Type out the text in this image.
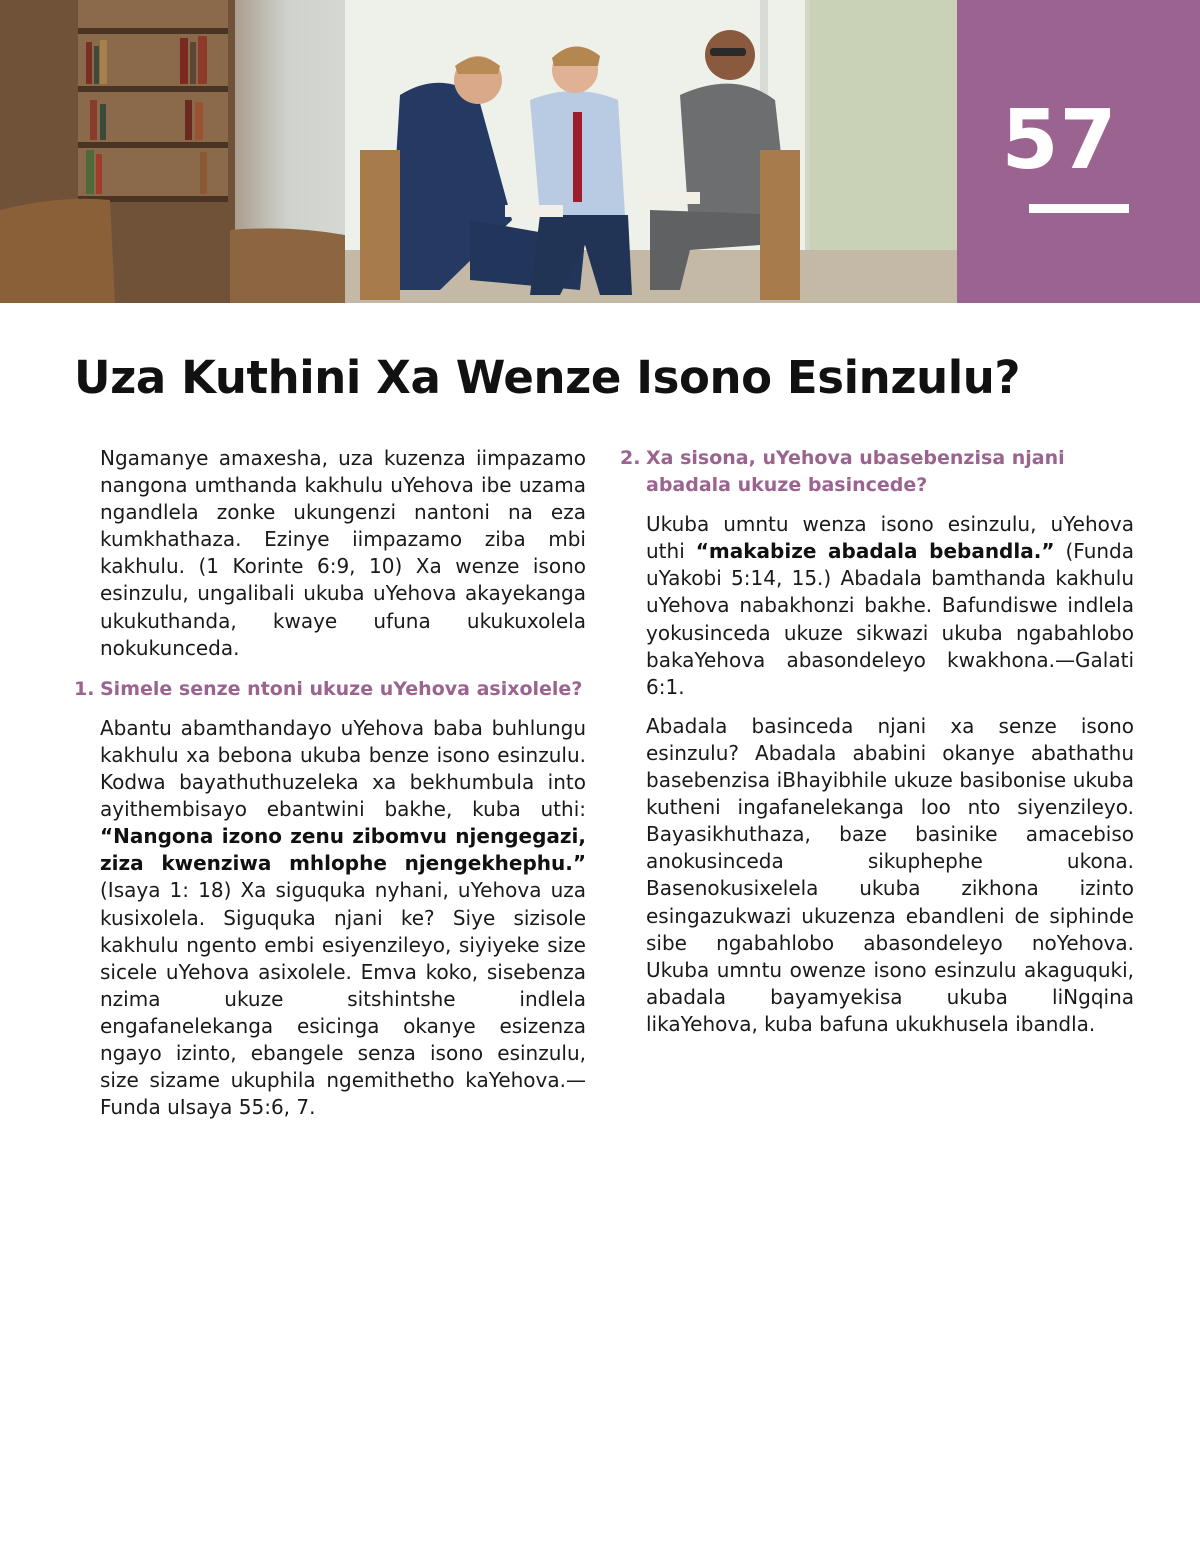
57
Uza Kuthini Xa Wenze Isono Esinzulu?

Ngamanye amaxesha, uza kuzenza iimpazamo nangona umthanda kakhulu uYehova ibe uzama ngandlela zonke ukungenzi nantoni na eza kumkhathaza. Ezinye iimpazamo ziba mbi kakhulu. (1 Korinte 6:9, 10) Xa wenze isono esinzulu, ungalibali ukuba uYehova akayekanga ukukuthanda, kwaye ufuna ukukuxolela nokukunceda.

1. Simele senze ntoni ukuze uYehova asixolele?

Abantu abamthandayo uYehova baba buhlungu kakhulu xa bebona ukuba benze isono esinzulu. Kodwa bayathuthuzeleka xa bekhumbula into ayithembisayo ebantwini bakhe, kuba uthi: “Nangona izono zenu zibomvu njengegazi, ziza kwenziwa mhlophe njengekhephu.” (Isaya 1: 18) Xa siguquka nyhani, uYehova uza kusixolela. Siguquka njani ke? Siye sizisole kakhulu ngento embi esiyenzileyo, siyiyeke size sicele uYehova asixolele. Emva koko, sisebenza nzima ukuze sitshintshe indlela engafanelekanga esicinga okanye esizenza ngayo izinto, ebangele senza isono esinzulu, size sizame ukuphila ngemithetho kaYehova.—Funda uIsaya 55:6, 7.

2. Xa sisona, uYehova ubasebenzisa njani abadala ukuze basincede?

Ukuba umntu wenza isono esinzulu, uYehova uthi “makabize abadala bebandla.” (Funda uYakobi 5:14, 15.) Abadala bamthanda kakhulu uYehova nabakhonzi bakhe. Bafundiswe indlela yokusinceda ukuze sikwazi ukuba ngabahlobo bakaYehova abasondeleyo kwakhona.—Galati 6:1.

Abadala basinceda njani xa senze isono esinzulu? Abadala ababini okanye abathathu basebenzisa iBhayibhile ukuze basibonise ukuba kutheni ingafanelekanga loo nto siyenzileyo. Bayasikhuthaza, baze basinike amacebiso anokusinceda sikuphephe ukona. Basenokusixelela ukuba zikhona izinto esingazukwazi ukuzenza ebandleni de siphinde sibe ngabahlobo abasondeleyo noYehova. Ukuba umntu owenze isono esinzulu akaguquki, abadala bayamyekisa ukuba liNgqina likaYehova, kuba bafuna ukukhusela ibandla.
